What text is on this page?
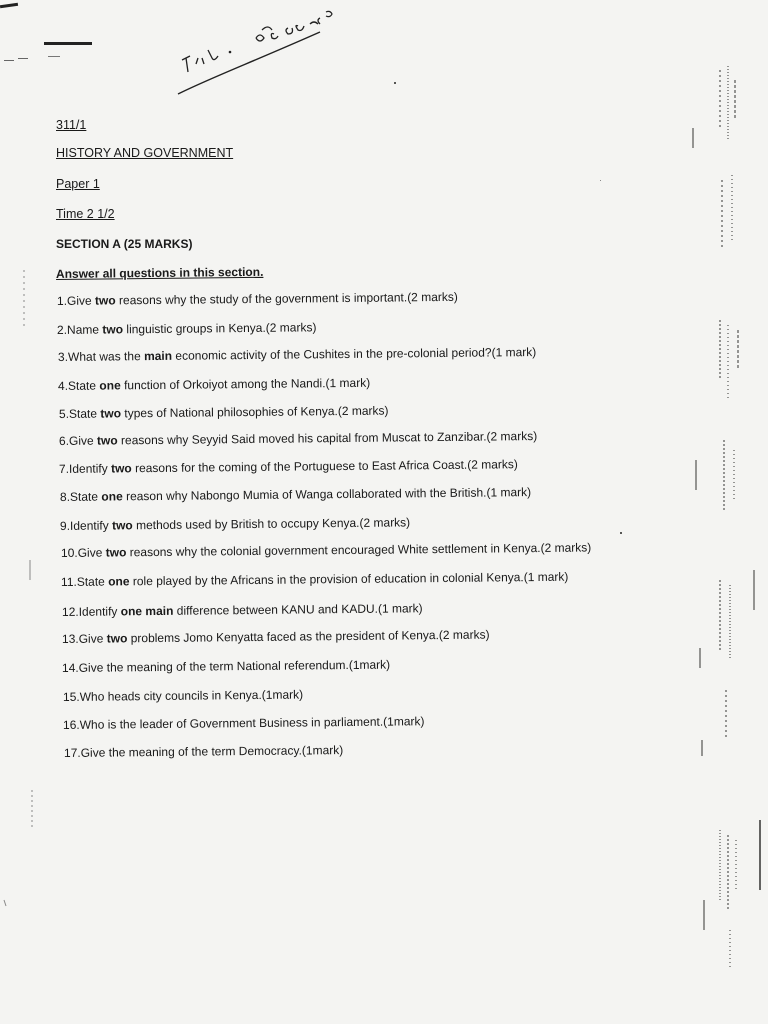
311/1
HISTORY AND GOVERNMENT
Paper 1
Time 2 1/2
SECTION A (25 MARKS)
Answer all questions in this section.
1.Give two reasons why the study of the government is important.(2 marks)
2.Name two linguistic groups in Kenya.(2 marks)
3.What was the main economic activity of the Cushites in the pre-colonial period?(1 mark)
4.State one function of Orkoiyot among the Nandi.(1 mark)
5.State two types of National philosophies of Kenya.(2 marks)
6.Give two reasons why Seyyid Said moved his capital from Muscat to Zanzibar.(2 marks)
7.Identify two reasons for the coming of the Portuguese to East Africa Coast.(2 marks)
8.State one reason why Nabongo Mumia of Wanga collaborated with the British.(1 mark)
9.Identify two methods used by British to occupy Kenya.(2 marks)
10.Give two reasons why the colonial government encouraged White settlement in Kenya.(2 marks)
11.State one role played by the Africans in the provision of education in colonial Kenya.(1 mark)
12.Identify one main difference between KANU and KADU.(1 mark)
13.Give two problems Jomo Kenyatta faced as the president of Kenya.(2 marks)
14.Give the meaning of the term National referendum.(1mark)
15.Who heads city councils in Kenya.(1mark)
16.Who is the leader of Government Business in parliament.(1mark)
17.Give the meaning of the term Democracy.(1mark)
